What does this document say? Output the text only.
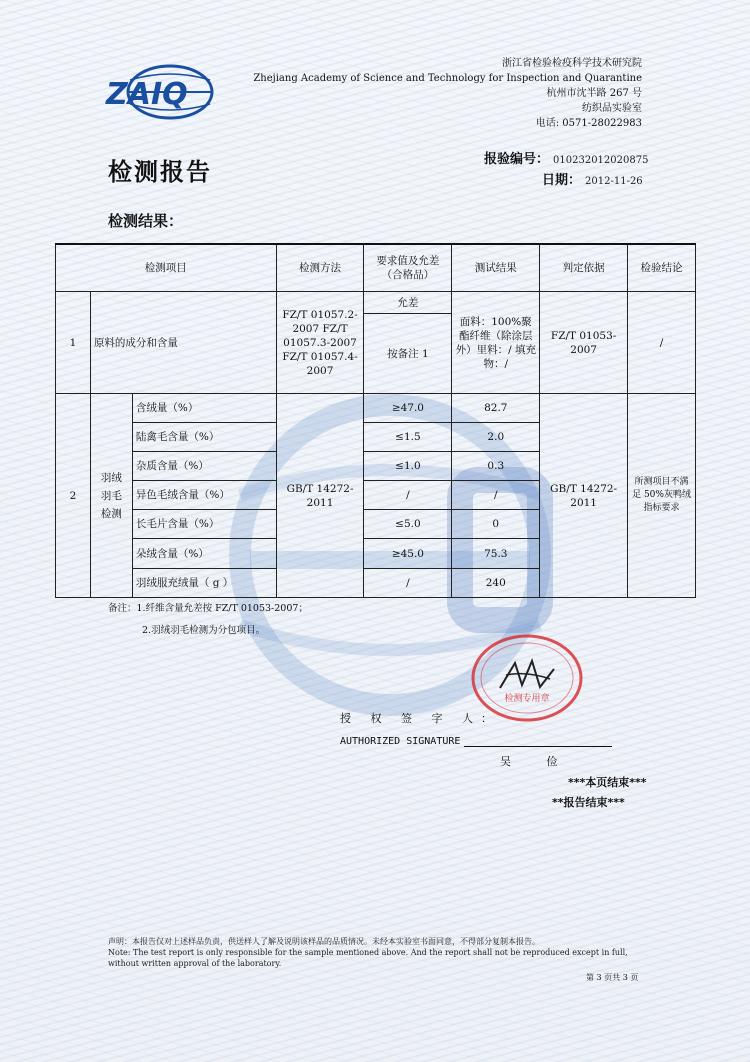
ZAIQ
浙江省检验检疫科学技术研究院
Zhejiang Academy of Science and Technology for Inspection and Quarantine
杭州市沈半路 267 号
纺织品实验室
电话: 0571-28022983
检测报告	报验编号： 010232012020875
日期： 2012-11-26
检测结果：
检测项目			检测方法	要求值及允差（合格品）	测试结果	判定依据	检验结论
1	原料的成分和含量		FZ/T 01057.2-2007 FZ/T 01057.3-2007 FZ/T 01057.4-2007	允差	面料：100%聚酯纤维（除涂层外）里料：/ 填充物：/	FZ/T 01053-2007	/
				按备注 1			
2	羽绒羽毛检测	含绒量（%）	GB/T 14272-2011	≥47.0	82.7	GB/T 14272-2011	所测项目不满足 50%灰鸭绒指标要求
		陆禽毛含量（%）		≤1.5	2.0		
		杂质含量（%）		≤1.0	0.3		
		异色毛绒含量（%）		/	/		
		长毛片含量（%）		≤5.0	0		
		朵绒含量（%）		≥45.0	75.3		
		羽绒服充绒量（ g ）		/	240		
备注：1.纤维含量允差按 FZ/T 01053-2007；
2.羽绒羽毛检测为分包项目。
检测专用章
授 权 签 字 人：
AUTHORIZED SIGNATURE
吴 俭
***本页结束***
**报告结束***
声明：本报告仅对上述样品负责，供送样人了解及说明该样品的品质情况。未经本实验室书面同意，不得部分复制本报告。
Note: The test report is only responsible for the sample mentioned above. And the report shall not be reproduced except in full, without written approval of the laboratory.
第 3 页共 3 页
